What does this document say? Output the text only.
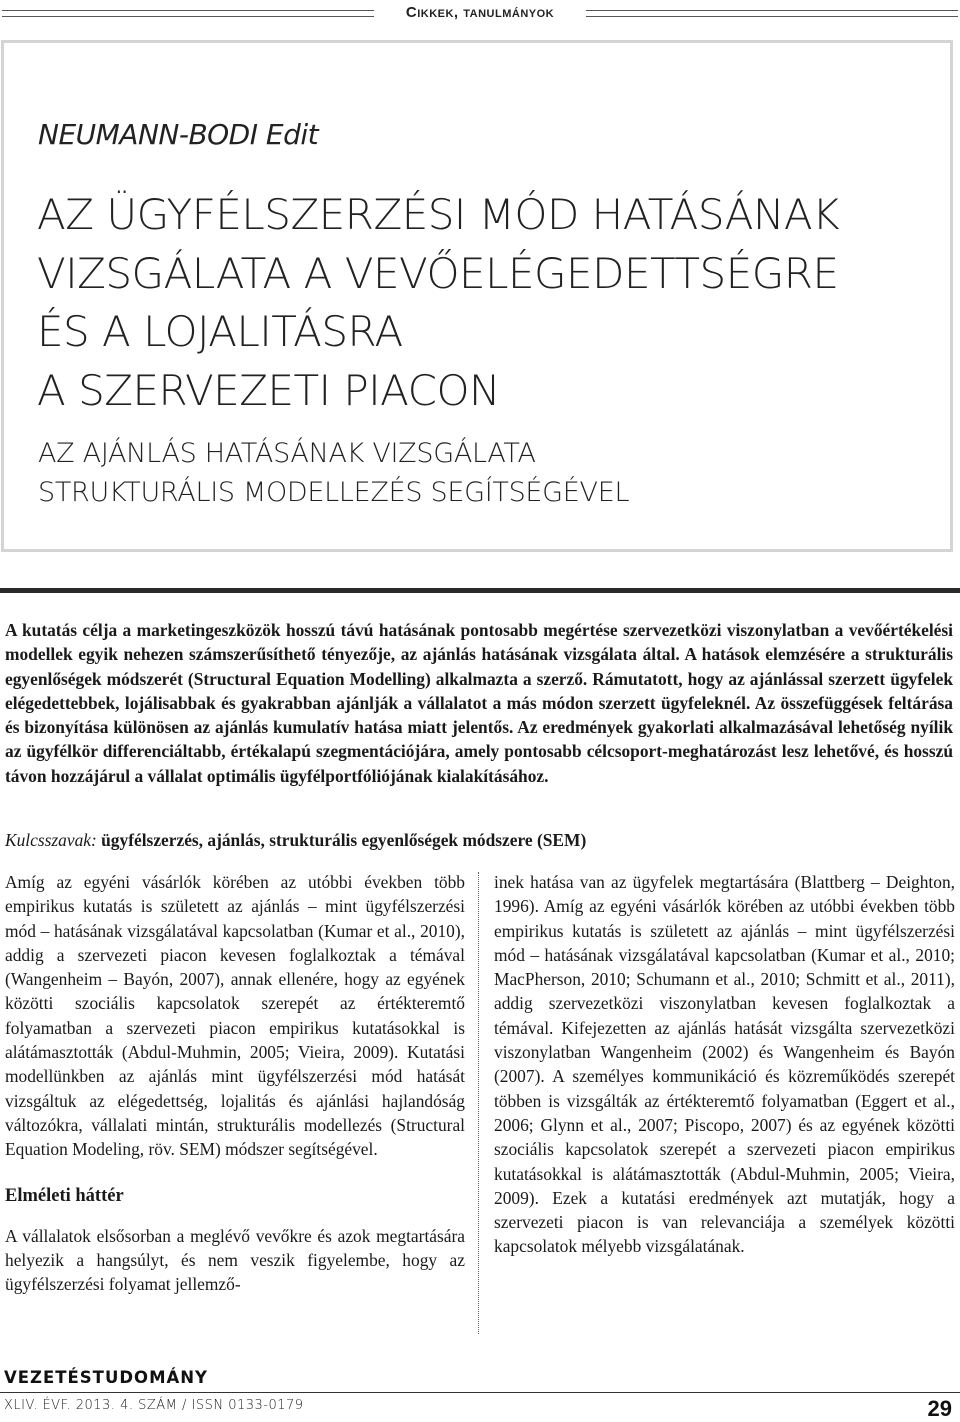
Cikkek, tanulmányok
NEUMANN-BODI Edit
AZ ÜGYFÉLSZERZÉSI MÓD HATÁSÁNAK
VIZSGÁLATA A VEVŐELÉGEDETTSÉGRE
ÉS A LOJALITÁSRA
A SZERVEZETI PIACON
AZ AJÁNLÁS HATÁSÁNAK VIZSGÁLATA
STRUKTURÁLIS MODELLEZÉS SEGÍTSÉGÉVEL
A kutatás célja a marketingeszközök hosszú távú hatásának pontosabb megértése szervezetközi viszonylatban a vevőértékelési modellek egyik nehezen számszerűsíthető tényezője, az ajánlás hatásának vizsgálata által. A hatások elemzésére a strukturális egyenlőségek módszerét (Structural Equation Modelling) alkalmazta a szerző. Rámutatott, hogy az ajánlással szerzett ügyfelek elégedettebbek, lojálisabbak és gyakrabban ajánlják a vállalatot a más módon szerzett ügyfeleknél. Az összefüggések feltárása és bizonyítása különösen az ajánlás kumulatív hatása miatt jelentős. Az eredmények gyakorlati alkalmazásával lehetőség nyílik az ügyfélkör differenciáltabb, értékalapú szegmentációjára, amely pontosabb célcsoport-meghatározást lesz lehetővé, és hosszú távon hozzájárul a vállalat optimális ügyfélportfóliójának kialakításához.
Kulcsszavak: ügyfélszerzés, ajánlás, strukturális egyenlőségek módszere (SEM)

Amíg az egyéni vásárlók körében az utóbbi években több empirikus kutatás is született az ajánlás – mint ügyfélszerzési mód – hatásának vizsgálatával kapcsolatban (Kumar et al., 2010), addig a szervezeti piacon kevesen foglalkoztak a témával (Wangenheim – Bayón, 2007), annak ellenére, hogy az egyének közötti szociális kapcsolatok szerepét az értékteremtő folyamatban a szervezeti piacon empirikus kutatásokkal is alátámasztották (Abdul-Muhmin, 2005; Vieira, 2009). Kutatási modellünkben az ajánlás mint ügyfélszerzési mód hatását vizsgáltuk az elégedettség, lojalitás és ajánlási hajlandóság változókra, vállalati mintán, strukturális modellezés (Structural Equation Modeling, röv. SEM) módszer segítségével.

Elméleti háttér

A vállalatok elsősorban a meglévő vevőkre és azok megtartására helyezik a hangsúlyt, és nem veszik figyelembe, hogy az ügyfélszerzési folyamat jellemző-

inek hatása van az ügyfelek megtartására (Blattberg – Deighton, 1996). Amíg az egyéni vásárlók körében az utóbbi években több empirikus kutatás is született az ajánlás – mint ügyfélszerzési mód – hatásának vizsgálatával kapcsolatban (Kumar et al., 2010; MacPherson, 2010; Schumann et al., 2010; Schmitt et al., 2011), addig szervezetközi viszonylatban kevesen foglalkoztak a témával. Kifejezetten az ajánlás hatását vizsgálta szervezetközi viszonylatban Wangenheim (2002) és Wangenheim és Bayón (2007). A személyes kommunikáció és közreműködés szerepét többen is vizsgálták az értékteremtő folyamatban (Eggert et al., 2006; Glynn et al., 2007; Piscopo, 2007) és az egyének közötti szociális kapcsolatok szerepét a szervezeti piacon empirikus kutatásokkal is alátámasztották (Abdul-Muhmin, 2005; Vieira, 2009). Ezek a kutatási eredmények azt mutatják, hogy a szervezeti piacon is van relevanciája a személyek közötti kapcsolatok mélyebb vizsgálatának.

VEZETÉSTUDOMÁNY
XLIV. ÉVF. 2013. 4. SZÁM / ISSN 0133-0179	29
